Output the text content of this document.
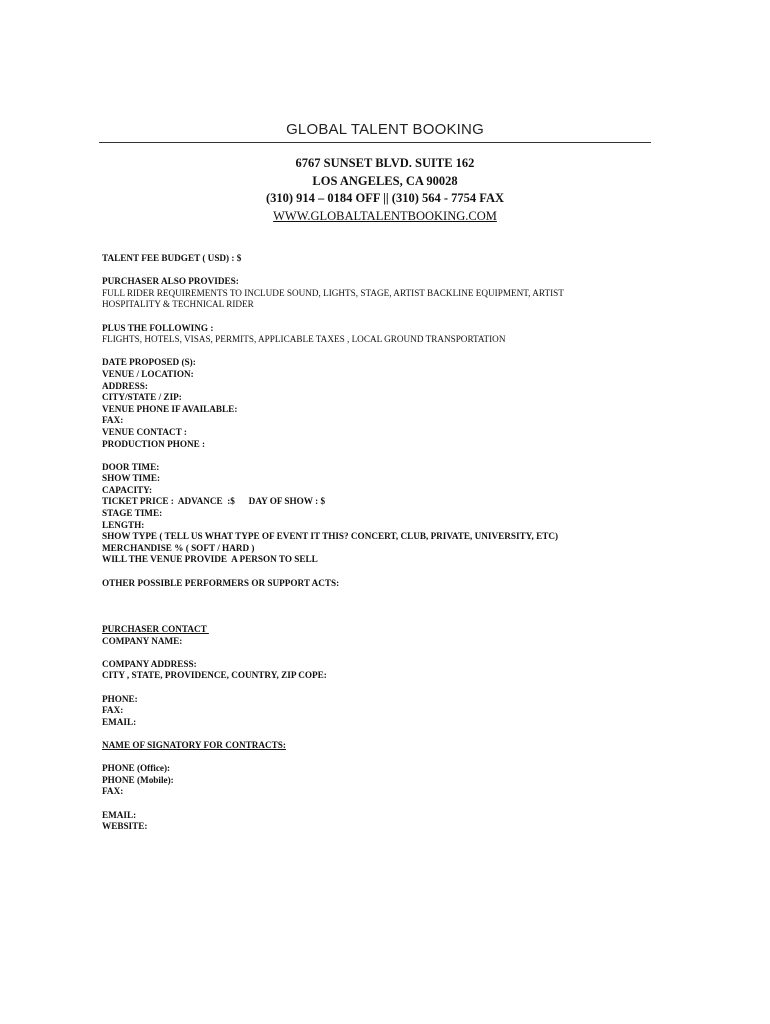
GLOBAL TALENT BOOKING
6767 SUNSET BLVD. SUITE 162
LOS ANGELES, CA 90028
(310) 914 – 0184 OFF || (310) 564 - 7754 FAX
WWW.GLOBALTALENTBOOKING.COM
TALENT FEE BUDGET ( USD) : $
PURCHASER ALSO PROVIDES:
FULL RIDER REQUIREMENTS TO INCLUDE SOUND, LIGHTS, STAGE, ARTIST BACKLINE EQUIPMENT, ARTIST
HOSPITALITY & TECHNICAL RIDER
PLUS THE FOLLOWING :
FLIGHTS, HOTELS, VISAS, PERMITS, APPLICABLE TAXES , LOCAL GROUND TRANSPORTATION
DATE PROPOSED (S):
VENUE / LOCATION:
ADDRESS:
CITY/STATE / ZIP:
VENUE PHONE IF AVAILABLE:
FAX:
VENUE CONTACT :
PRODUCTION PHONE :
DOOR TIME:
SHOW TIME:
CAPACITY:
TICKET PRICE :  ADVANCE  :$      DAY OF SHOW : $
STAGE TIME:
LENGTH:
SHOW TYPE ( TELL US WHAT TYPE OF EVENT IT THIS? CONCERT, CLUB, PRIVATE, UNIVERSITY, ETC)
MERCHANDISE % ( SOFT / HARD )
WILL THE VENUE PROVIDE  A PERSON TO SELL
OTHER POSSIBLE PERFORMERS OR SUPPORT ACTS:
PURCHASER CONTACT
COMPANY NAME:
COMPANY ADDRESS:
CITY , STATE, PROVIDENCE, COUNTRY, ZIP COPE:
PHONE:
FAX:
EMAIL:
NAME OF SIGNATORY FOR CONTRACTS:
PHONE (Office):
PHONE (Mobile):
FAX:
EMAIL:
WEBSITE:
